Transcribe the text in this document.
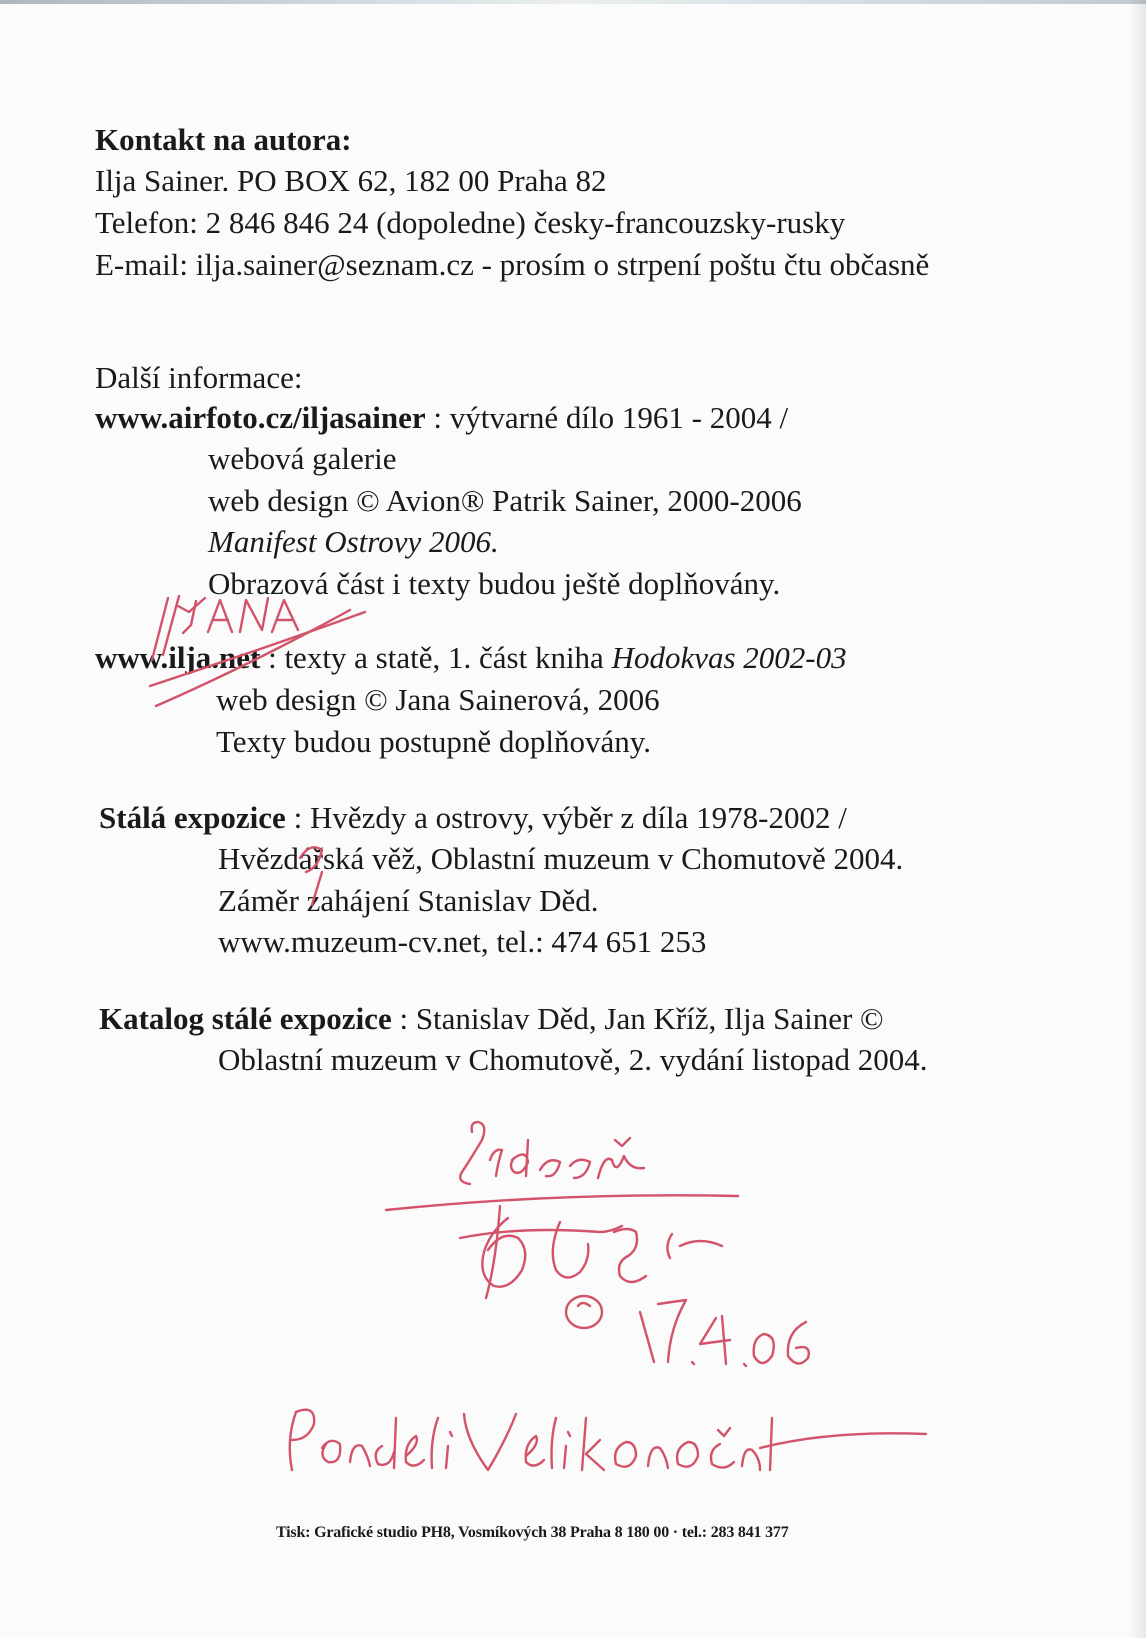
Kontakt na autora:
Ilja Sainer. PO BOX 62, 182 00 Praha 82
Telefon: 2 846 846 24 (dopoledne) česky-francouzsky-rusky
E-mail: ilja.sainer@seznam.cz - prosím o strpení poštu čtu občasně
Další informace:
www.airfoto.cz/iljasainer : výtvarné dílo 1961 - 2004 /
webová galerie
web design © Avion® Patrik Sainer, 2000-2006
Manifest Ostrovy 2006.
Obrazová část i texty budou ještě doplňovány.
www.ilja.net : texty a statě, 1. část kniha Hodokvas 2002-03
web design © Jana Sainerová, 2006
Texty budou postupně doplňovány.
Stálá expozice : Hvězdy a ostrovy, výběr z díla 1978-2002 /
Hvězdářská věž, Oblastní muzeum v Chomutově 2004.
Záměr zahájení Stanislav Děd.
www.muzeum-cv.net, tel.: 474 651 253
Katalog stálé expozice : Stanislav Děd, Jan Kříž, Ilja Sainer ©
Oblastní muzeum v Chomutově, 2. vydání listopad 2004.
Tisk: Grafické studio PH8, Vosmíkových 38 Praha 8 180 00 · tel.: 283 841 377
